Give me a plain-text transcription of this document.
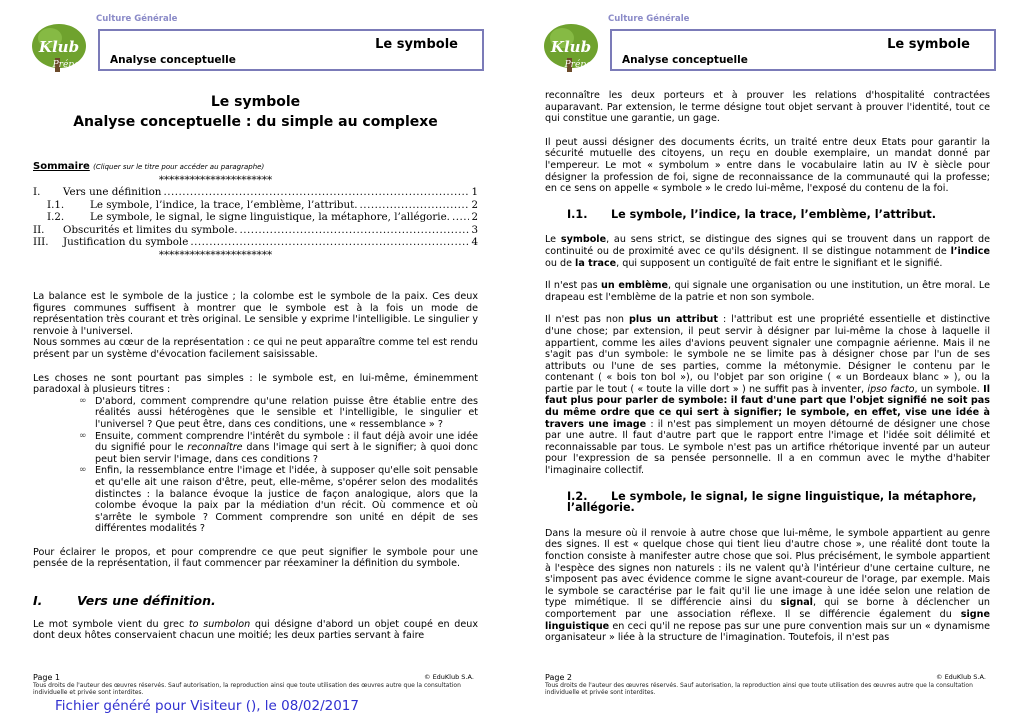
Culture Générale
Klub
Prépa
Le symbole
Analyse conceptuelle
Le symbole
Analyse conceptuelle : du simple au complexe
Sommaire (Cliquer sur le titre pour accéder au paragraphe)
**********************
I.	Vers une définition .....	1
I.1.	Le symbole, l’indice, la trace, l’emblème, l’attribut. .....	2
I.2.	Le symbole, le signal, le signe linguistique, la métaphore, l’allégorie. ..... 2
II.	Obscurités et limites du symbole. .....	3
III.	Justification du symbole .....	4
**********************

La balance est le symbole de la justice ; la colombe est le symbole de la paix. Ces deux figures communes suffisent à montrer que le symbole est à la fois un mode de représentation très courant et très original. Le sensible y exprime l'intelligible. Le singulier y renvoie à l'universel.

Nous sommes au cœur de la représentation : ce qui ne peut apparaître comme tel est rendu présent par un système d'évocation facilement saisissable.

Les choses ne sont pourtant pas simples : le symbole est, en lui-même, éminemment paradoxal à plusieurs titres :

∞ D'abord, comment comprendre qu'une relation puisse être établie entre des réalités aussi hétérogènes que le sensible et l'intelligible, le singulier et l'universel ? Que peut être, dans ces conditions, une « ressemblance » ?
∞ Ensuite, comment comprendre l'intérêt du symbole : il faut déjà avoir une idée du signifié pour le reconnaître dans l'image qui sert à le signifier; à quoi donc peut bien servir l'image, dans ces conditions ?
∞ Enfin, la ressemblance entre l'image et l'idée, à supposer qu'elle soit pensable et qu'elle ait une raison d'être, peut, elle-même, s'opérer selon des modalités distinctes : la balance évoque la justice de façon analogique, alors que la colombe évoque la paix par la médiation d'un récit. Où commence et où s'arrête le symbole ? Comment comprendre son unité en dépit de ses différentes modalités ?

Pour éclairer le propos, et pour comprendre ce que peut signifier le symbole pour une pensée de la représentation, il faut commencer par réexaminer la définition du symbole.

I.	Vers une définition.

Le mot symbole vient du grec to sumbolon qui désigne d'abord un objet coupé en deux dont deux hôtes conservaient chacun une moitié; les deux parties servant à faire

Page 1	© EduKlub S.A.
Tous droits de l'auteur des œuvres réservés. Sauf autorisation, la reproduction ainsi que toute utilisation des œuvres autre que la consultation individuelle et privée sont interdites.
Culture Générale
Klub
Prépa
Le symbole
Analyse conceptuelle

reconnaître les deux porteurs et à prouver les relations d'hospitalité contractées auparavant. Par extension, le terme désigne tout objet servant à prouver l'identité, tout ce qui constitue une garantie, un gage.

Il peut aussi désigner des documents écrits, un traité entre deux Etats pour garantir la sécurité mutuelle des citoyens, un reçu en double exemplaire, un mandat donné par l'empereur. Le mot « symbolum » entre dans le vocabulaire latin au IV è siècle pour désigner la profession de foi, signe de reconnaissance de la communauté qui la professe; en ce sens on appelle « symbole » le credo lui-même, l'exposé du contenu de la foi.

I.1. Le symbole, l’indice, la trace, l’emblème, l’attribut.

Le symbole, au sens strict, se distingue des signes qui se trouvent dans un rapport de continuité ou de proximité avec ce qu'ils désignent. Il se distingue notamment de l’indice ou de la trace, qui supposent un contiguïté de fait entre le signifiant et le signifié.

Il n'est pas un emblème, qui signale une organisation ou une institution, un être moral. Le drapeau est l'emblème de la patrie et non son symbole.

Il n'est pas non plus un attribut : l'attribut est une propriété essentielle et distinctive d'une chose; par extension, il peut servir à désigner par lui-même la chose à laquelle il appartient, comme les ailes d'avions peuvent signaler une compagnie aérienne. Mais il ne s'agit pas d'un symbole: le symbole ne se limite pas à désigner chose par l'un de ses attributs ou l'une de ses parties, comme la métonymie. Désigner le contenu par le contenant ( « bois ton bol »), ou l'objet par son origine ( « un Bordeaux blanc » ), ou la partie par le tout ( « toute la ville dort » ) ne suffit pas à inventer, ipso facto, un symbole. Il faut plus pour parler de symbole: il faut d'une part que l'objet signifié ne soit pas du même ordre que ce qui sert à signifier; le symbole, en effet, vise une idée à travers une image : il n'est pas simplement un moyen détourné de désigner une chose par une autre. Il faut d'autre part que le rapport entre l'image et l'idée soit délimité et reconnaissable par tous. Le symbole n'est pas un artifice rhétorique inventé par un auteur pour l'expression de sa pensée personnelle. Il a en commun avec le mythe d'habiter l'imaginaire collectif.

I.2. Le symbole, le signal, le signe linguistique, la métaphore, l’allégorie.

Dans la mesure où il renvoie à autre chose que lui-même, le symbole appartient au genre des signes. Il est « quelque chose qui tient lieu d'autre chose », une réalité dont toute la fonction consiste à manifester autre chose que soi. Plus précisément, le symbole appartient à l'espèce des signes non naturels : ils ne valent qu'à l'intérieur d'une certaine culture, ne s'imposent pas avec évidence comme le signe avant-coureur de l'orage, par exemple. Mais le symbole se caractérise par le fait qu'il lie une image à une idée selon une relation de type mimétique. Il se différencie ainsi du signal, qui se borne à déclencher un comportement par une association réflexe. Il se différencie également du signe linguistique en ceci qu'il ne repose pas sur une pure convention mais sur un « dynamisme organisateur » liée à la structure de l'imagination. Toutefois, il n'est pas

Page 2	© EduKlub S.A.
Tous droits de l'auteur des œuvres réservés. Sauf autorisation, la reproduction ainsi que toute utilisation des œuvres autre que la consultation individuelle et privée sont interdites.
Fichier généré pour Visiteur (), le 08/02/2017
